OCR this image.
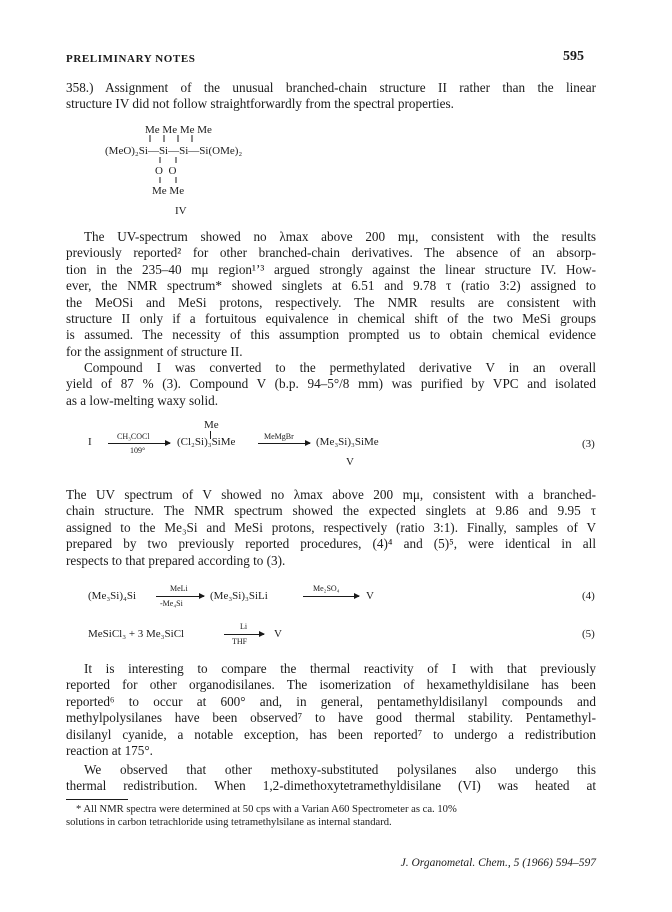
PRELIMINARY NOTES	595

358.) Assignment of the unusual branched-chain structure II rather than the linear
structure IV did not follow straightforwardly from the spectral properties.

Me Me Me Me
(MeO)₂Si—Si—Si—Si(OMe)₂
O  O
Me Me
IV

The UV-spectrum showed no λmax above 200 mμ, consistent with the results
previously reported² for other branched-chain derivatives. The absence of an absorp-
tion in the 235–40 mμ region¹ʼ³ argued strongly against the linear structure IV. How-
ever, the NMR spectrum* showed singlets at 6.51 and 9.78 τ (ratio 3:2) assigned to
the MeOSi and MeSi protons, respectively. The NMR results are consistent with
structure II only if a fortuitous equivalence in chemical shift of the two MeSi groups
is assumed. The necessity of this assumption prompted us to obtain chemical evidence
for the assignment of structure II.

Compound I was converted to the permethylated derivative V in an overall
yield of 87 % (3). Compound V (b.p. 94–5°/8 mm) was purified by VPC and isolated
as a low-melting waxy solid.

Me
I	CH₃COCl
109°
(Cl₂Si)₃SiMe	MeMgBr (Me₃Si)₃SiMe
V
(3)

The UV spectrum of V showed no λmax above 200 mμ, consistent with a branched-
chain structure. The NMR spectrum showed the expected singlets at 9.86 and 9.95 τ
assigned to the Me₃Si and MeSi protons, respectively (ratio 3:1). Finally, samples of V
prepared by two previously reported procedures, (4)⁴ and (5)⁵, were identical in all
respects to that prepared according to (3).

(Me₃Si)₄Si
MeLi
-Me₄Si
(Me₃Si)₃SiLi
Me₂SO₄
V	(4)
MeSiCl₃ + 3 Me₃SiCl
Li
THF
V	(5)

It is interesting to compare the thermal reactivity of I with that previously
reported for other organodisilanes. The isomerization of hexamethyldisilane has been
reported⁶ to occur at 600° and, in general, pentamethyldisilanyl compounds and
methylpolysilanes have been observed⁷ to have good thermal stability. Pentamethyl-
disilanyl cyanide, a notable exception, has been reported⁷ to undergo a redistribution
reaction at 175°.

We observed that other methoxy-substituted polysilanes also undergo this
thermal redistribution. When 1,2-dimethoxytetramethyldisilane (VI) was heated at

* All NMR spectra were determined at 50 cps with a Varian A60 Spectrometer as ca. 10%
solutions in carbon tetrachloride using tetramethylsilane as internal standard.
J. Organometal. Chem., 5 (1966) 594–597
